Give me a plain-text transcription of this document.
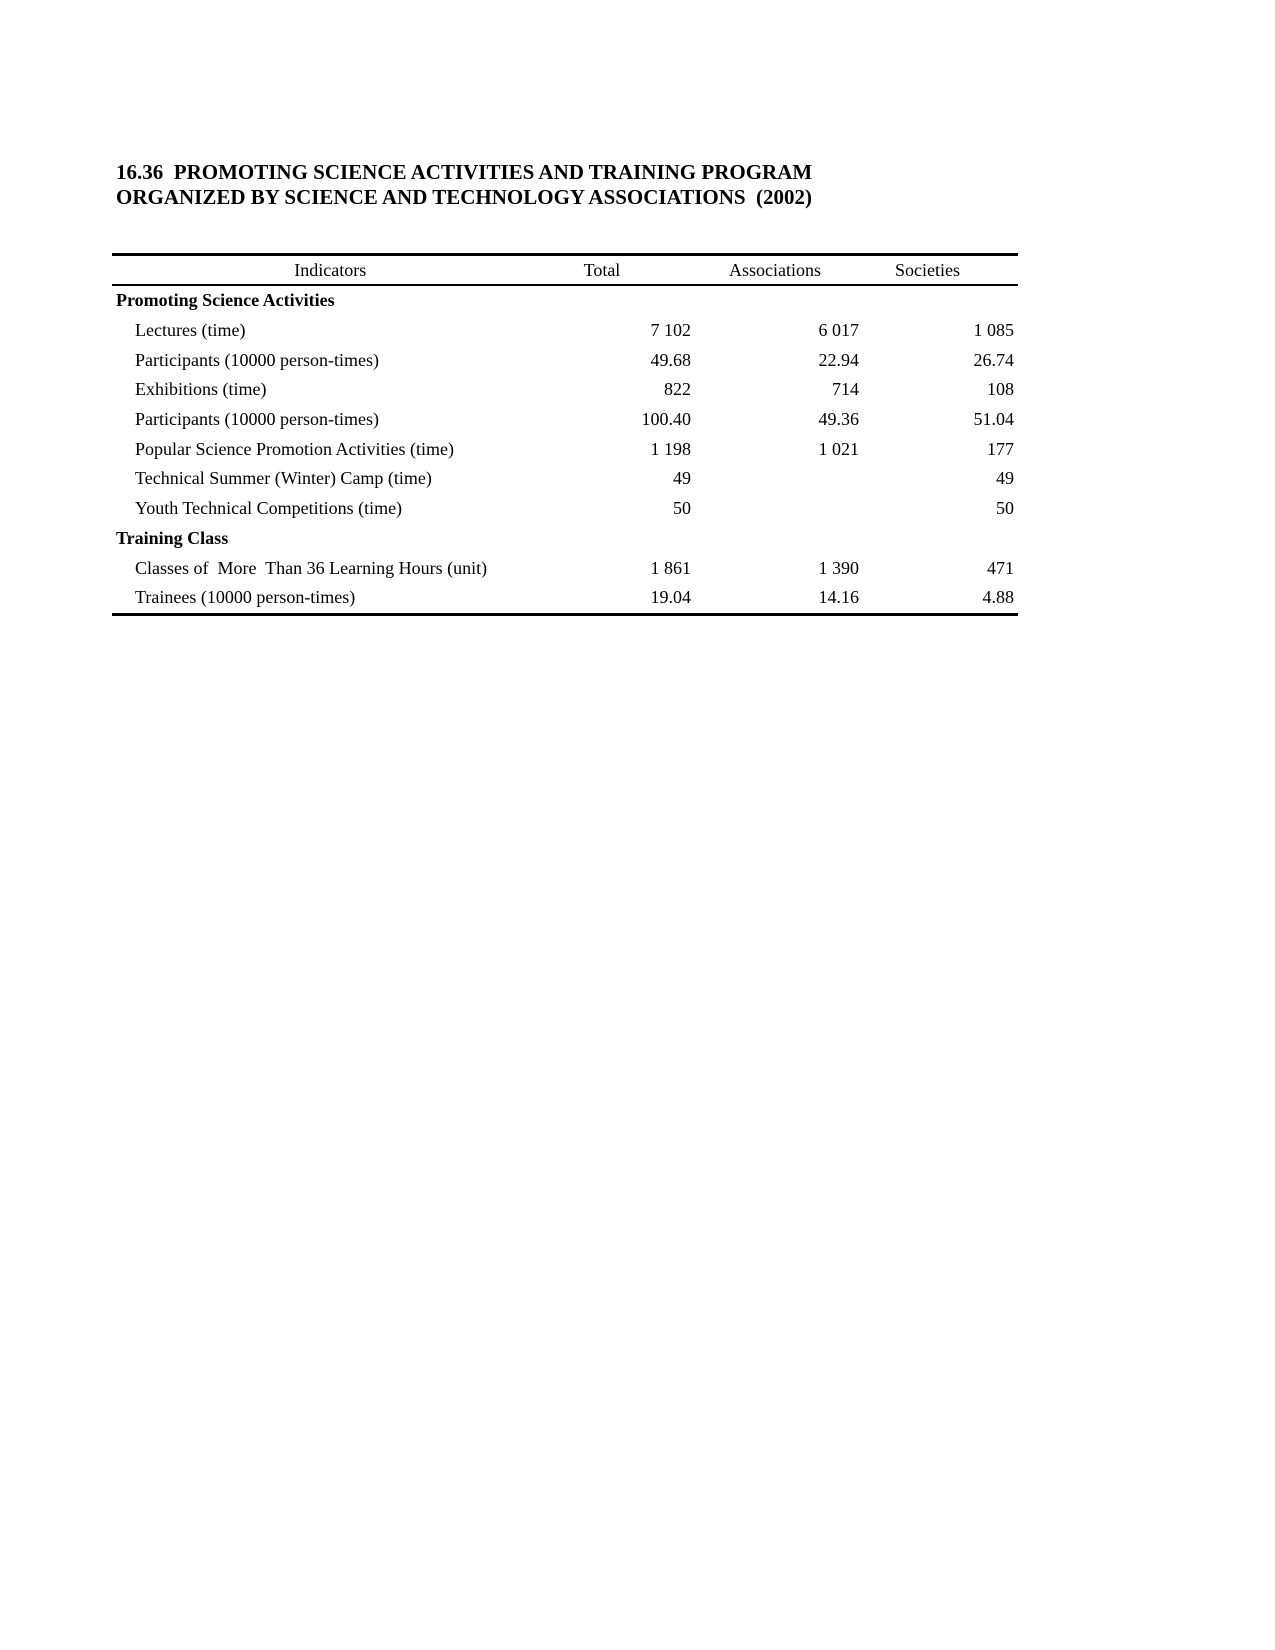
16.36  PROMOTING SCIENCE ACTIVITIES AND TRAINING PROGRAM
ORGANIZED BY SCIENCE AND TECHNOLOGY ASSOCIATIONS  (2002)
Indicators	Total	Associations	Societies
Promoting Science Activities			
Lectures (time)	7 102	6 017	1 085
Participants (10000 person-times)	49.68	22.94	26.74
Exhibitions (time)	822	714	108
Participants (10000 person-times)	100.40	49.36	51.04
Popular Science Promotion Activities (time)	1 198	1 021	177
Technical Summer (Winter) Camp (time)	49		49
Youth Technical Competitions (time)	50		50
Training Class			
Classes of  More  Than 36 Learning Hours (unit)	1 861	1 390	471
Trainees (10000 person-times)	19.04	14.16	4.88
